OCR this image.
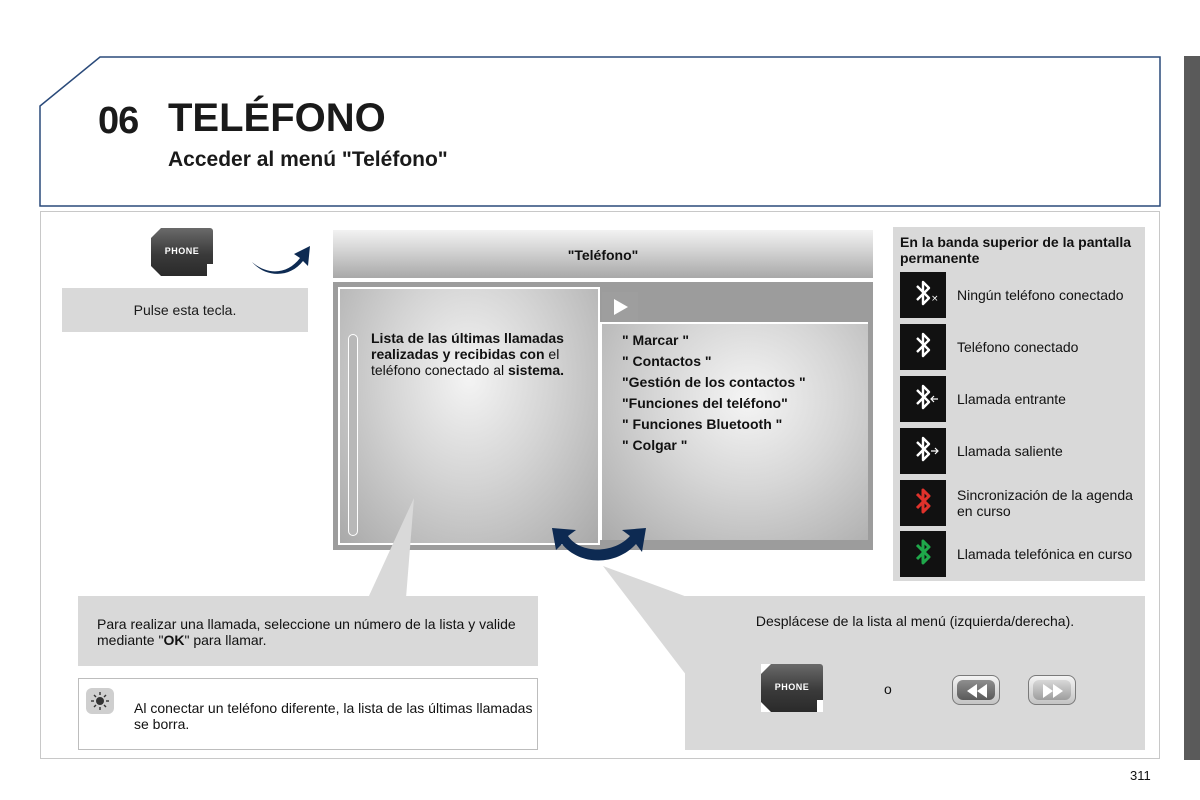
06 TELÉFONO
Acceder al menú "Teléfono"
PHONE
Pulse esta tecla.
"Teléfono"
Lista de las últimas llamadas realizadas y recibidas con el teléfono conectado al sistema.
" Marcar "
" Contactos "
"Gestión de los contactos "
"Funciones del teléfono"
" Funciones Bluetooth "
" Colgar "
En la banda superior de la pantalla permanente
× Ningún teléfono conectado
Teléfono conectado
Llamada entrante
Llamada saliente
Sincronización de la agenda en curso
Llamada telefónica en curso
Para realizar una llamada, seleccione un número de la lista y valide mediante "OK" para llamar.
Al conectar un teléfono diferente, la lista de las últimas llamadas se borra.
Desplácese de la lista al menú (izquierda/derecha).
PHONE	o
311
